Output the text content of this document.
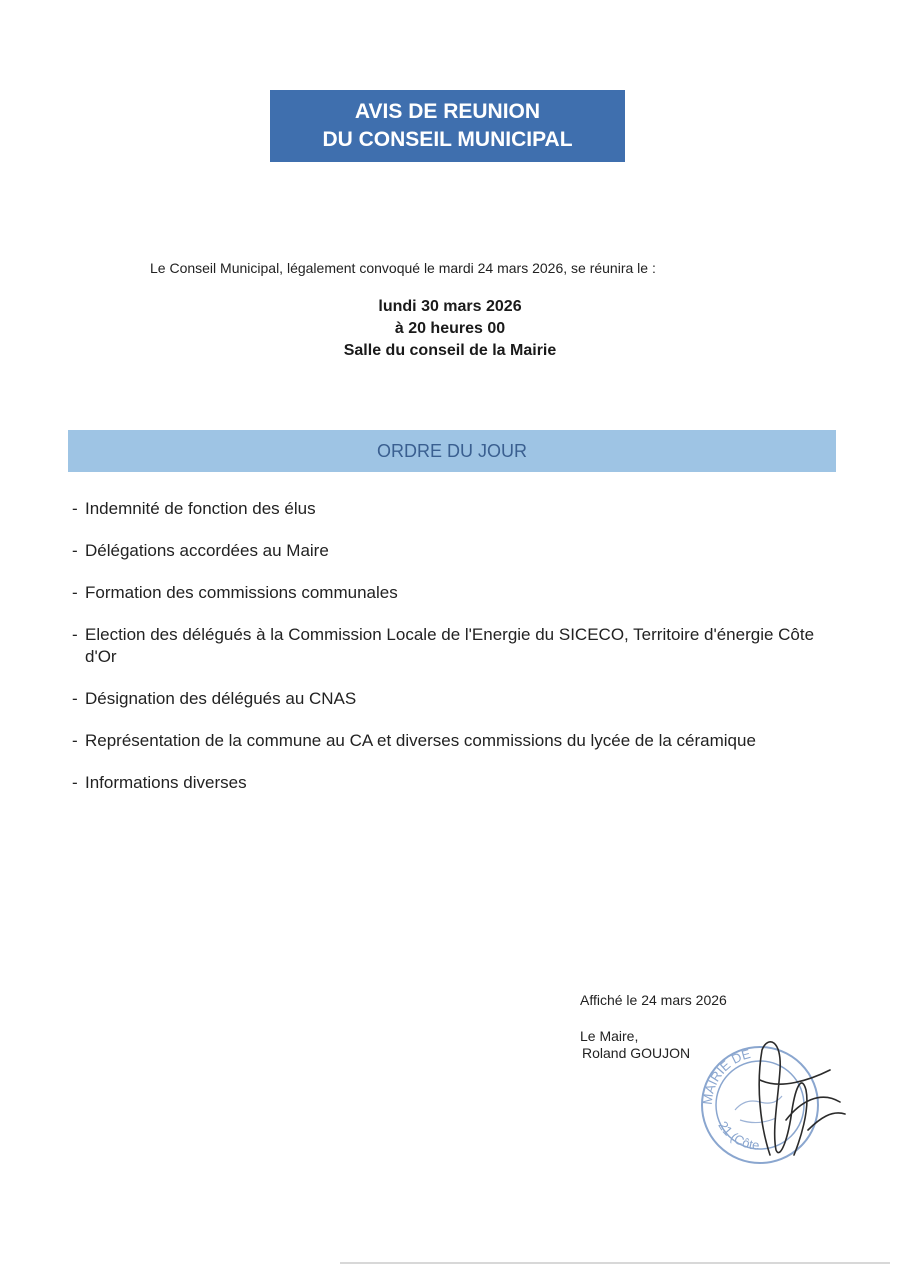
AVIS DE REUNION
DU CONSEIL MUNICIPAL
Le Conseil Municipal, légalement convoqué le mardi 24 mars 2026, se réunira le :
lundi 30 mars 2026
à 20 heures 00
Salle du conseil de la Mairie
ORDRE DU JOUR
- Indemnité de fonction des élus
- Délégations accordées au Maire
- Formation des commissions communales
- Election des délégués à la Commission Locale de l'Energie du SICECO, Territoire d'énergie Côte d'Or
- Désignation des délégués au CNAS
- Représentation de la commune au CA et diverses commissions du lycée de la céramique
- Informations diverses
Affiché le 24 mars 2026
Le Maire,
Roland GOUJON
MAIRIE DE
21 (Côte
